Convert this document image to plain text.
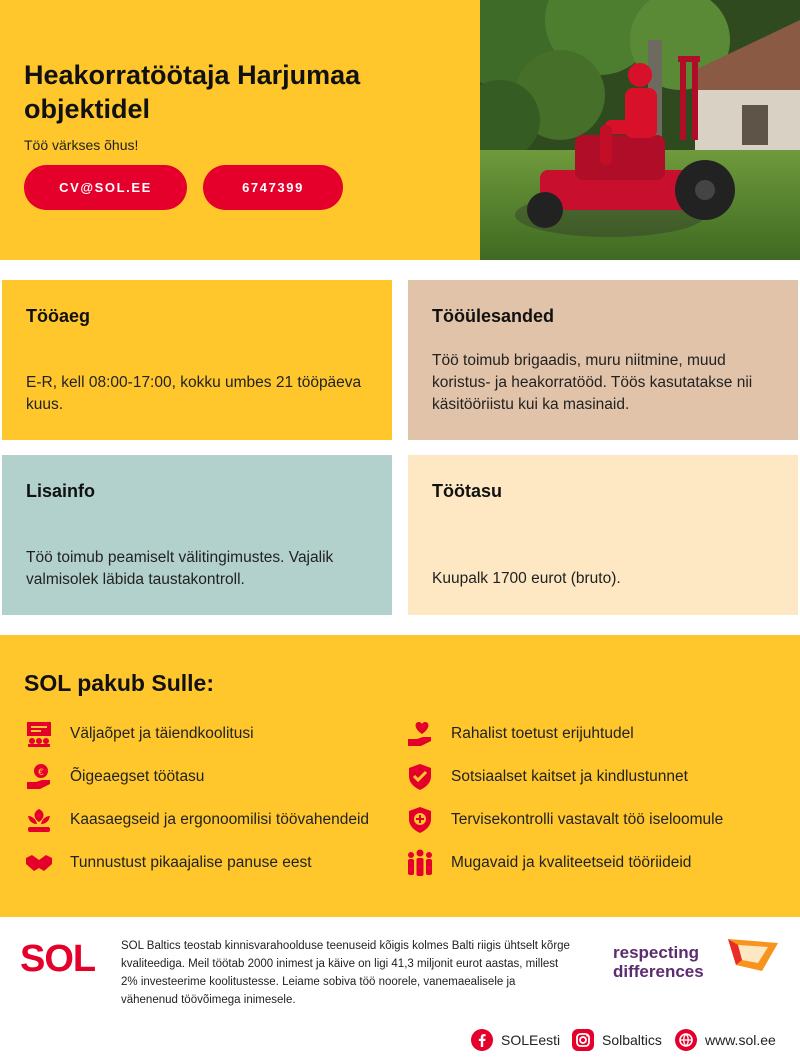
Heakorratöötaja Harjumaa objektidel
Töö värkses õhus!
CV@SOL.EE	6747399
Tööaeg

E-R, kell 08:00-17:00, kokku umbes 21 tööpäeva kuus.

Tööülesanded

Töö toimub brigaadis, muru niitmine, muud koristus- ja heakorratööd. Töös kasutatakse nii käsitööriistu kui ka masinaid.

Lisainfo

Töö toimub peamiselt välitingimustes. Vajalik valmisolek läbida taustakontroll.

Töötasu

Kuupalk 1700 eurot (bruto).

SOL pakub Sulle:
Väljaõpet ja täiendkoolitusi
€ Õigeaegset töötasu
Kaasaegseid ja ergonoomilisi töövahendeid
Tunnustust pikaajalise panuse eest
Rahalist toetust erijuhtudel
Sotsiaalset kaitset ja kindlustunnet
Tervisekontrolli vastavalt töö iseloomule
Mugavaid ja kvaliteetseid tööriideid
SOL SOL Baltics teostab kinnisvarahoolduse teenuseid kõigis kolmes Balti riigis ühtselt kõrge kvaliteediga. Meil töötab 2000 inimest ja käive on ligi 41,3 miljonit eurot aastas, millest 2% investeerime koolitustesse. Leiame sobiva töö noorele, vanemaealisele ja vähenenud töövõimega inimesele.

respecting
differences
SOLEesti	Solbaltics	www.sol.ee
